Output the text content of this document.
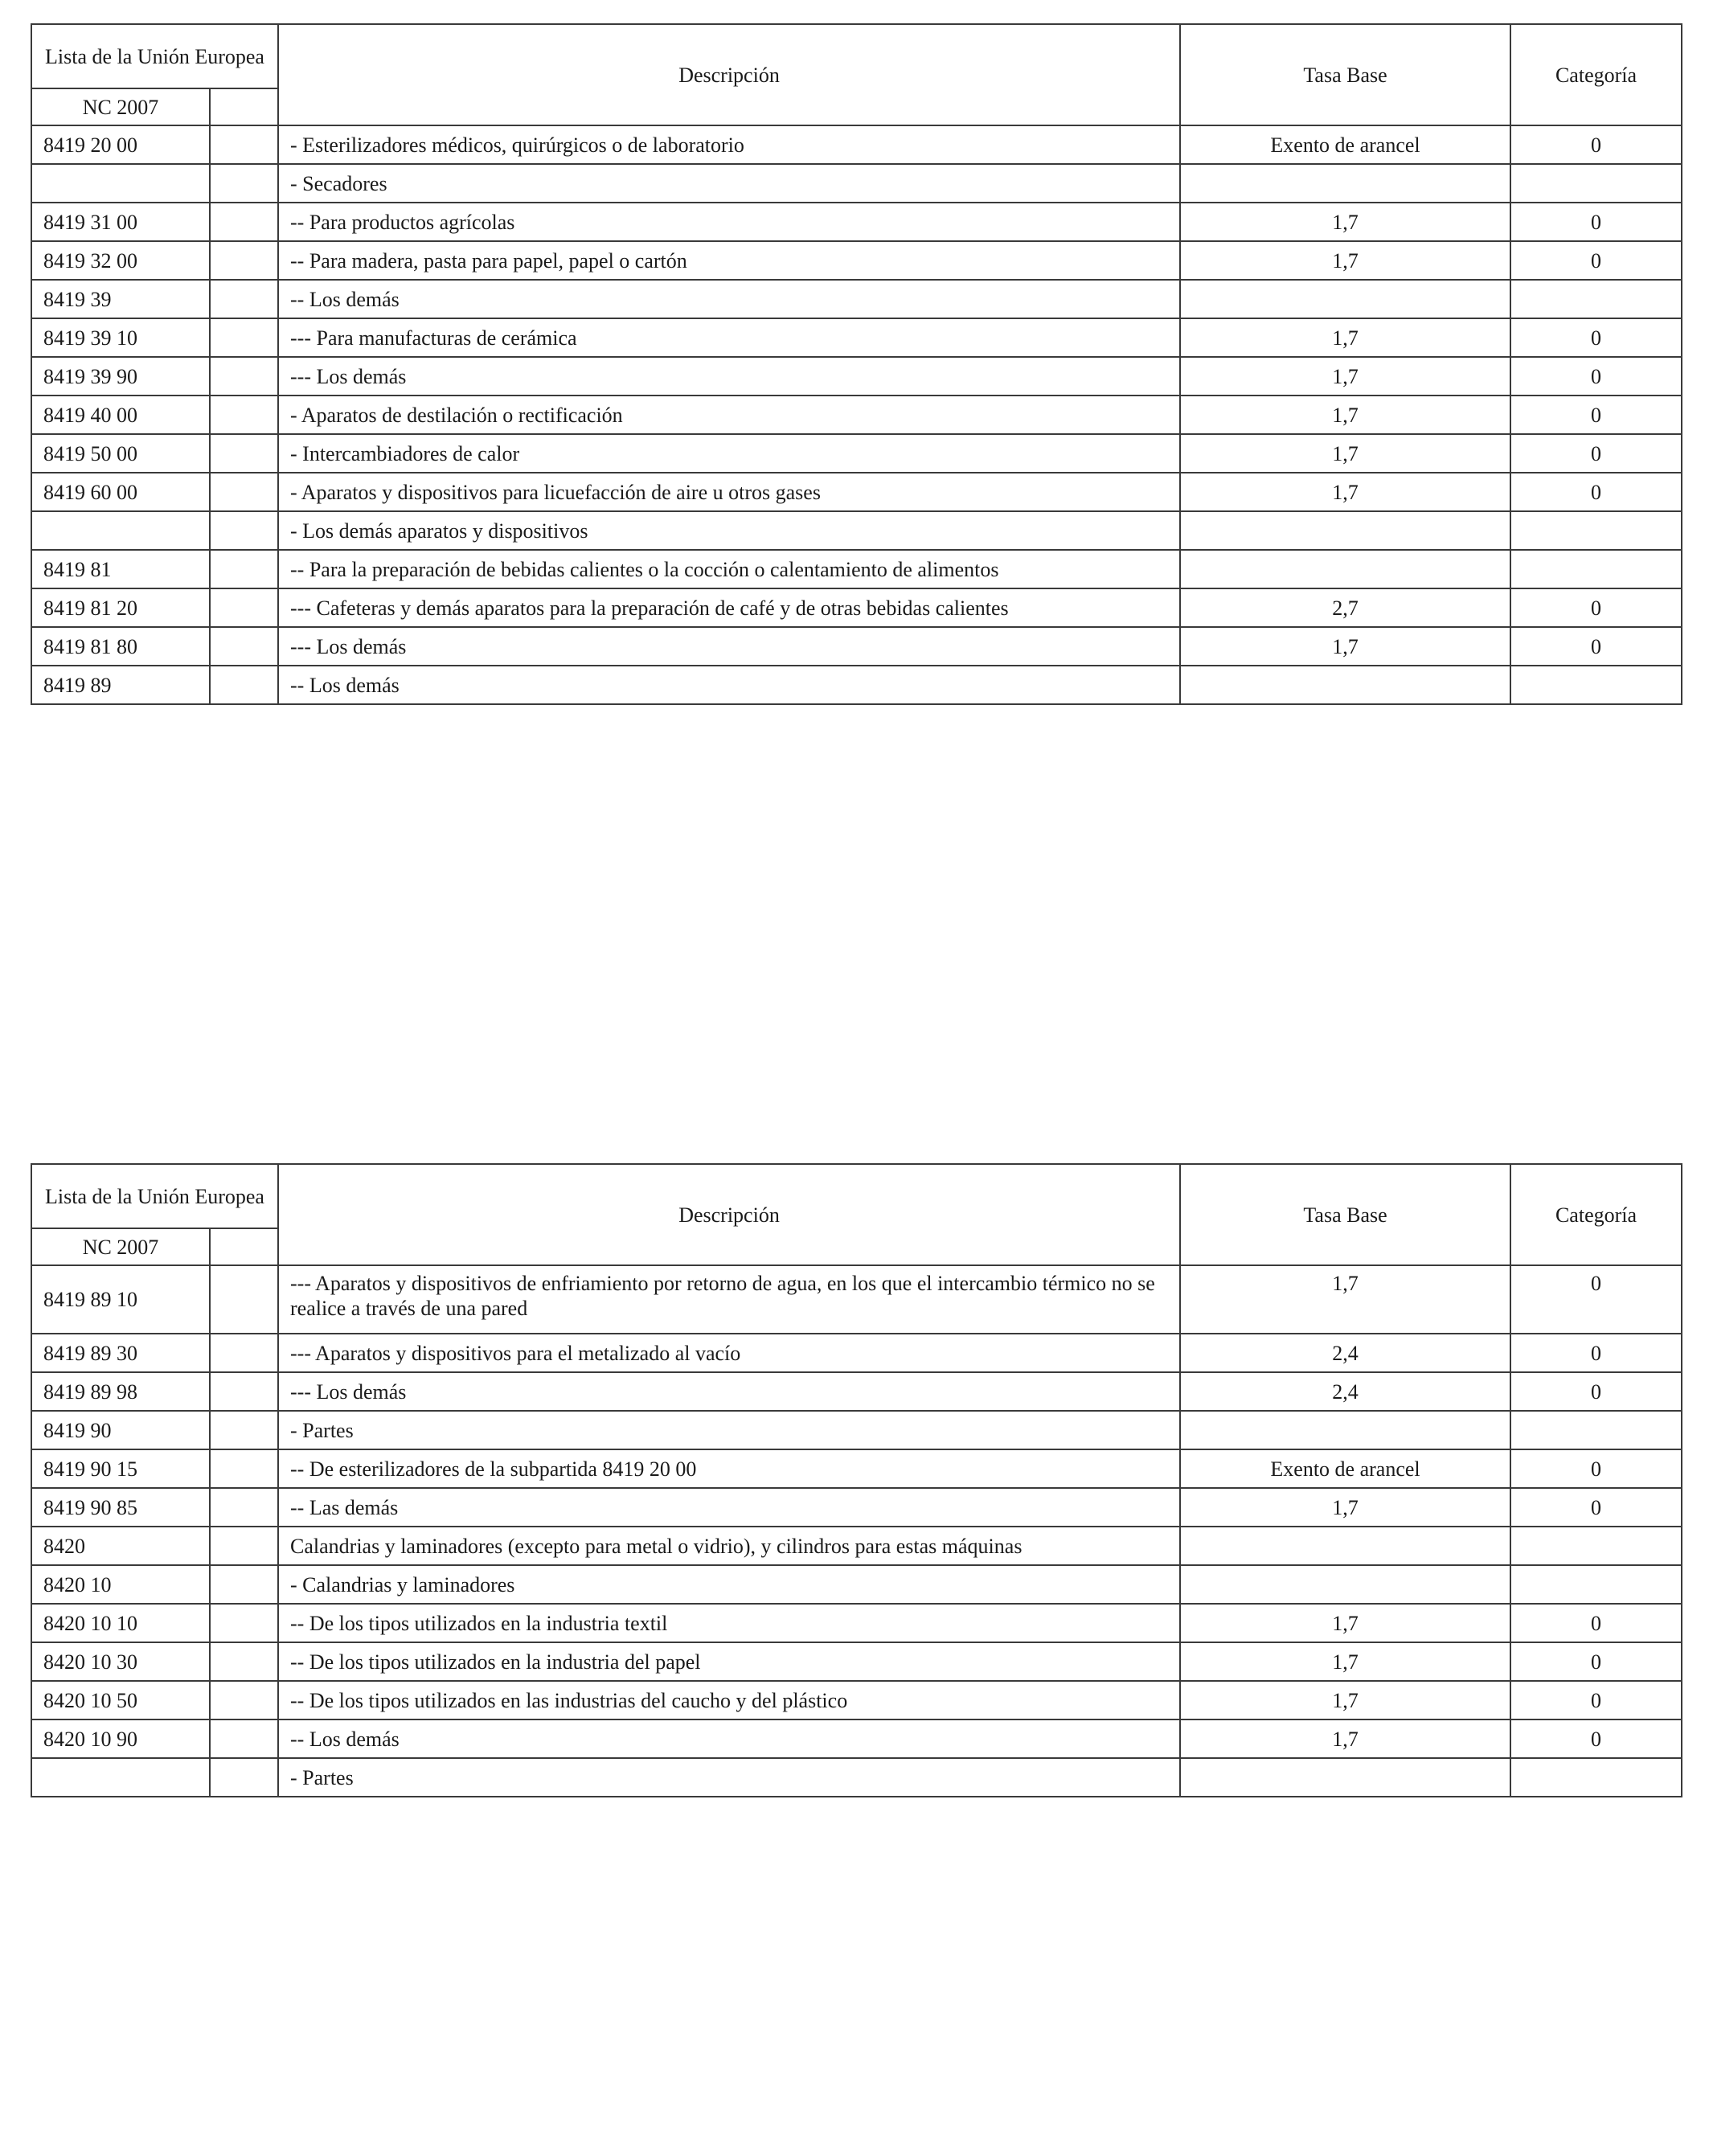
Lista de la Unión Europea		Descripción	Tasa Base	Categoría
NC 2007				
8419 20 00		- Esterilizadores médicos, quirúrgicos o de laboratorio	Exento de arancel	0
		- Secadores		
8419 31 00		-- Para productos agrícolas	1,7	0
8419 32 00		-- Para madera, pasta para papel, papel o cartón	1,7	0
8419 39		-- Los demás		
8419 39 10		--- Para manufacturas de cerámica	1,7	0
8419 39 90		--- Los demás	1,7	0
8419 40 00		- Aparatos de destilación o rectificación	1,7	0
8419 50 00		- Intercambiadores de calor	1,7	0
8419 60 00		- Aparatos y dispositivos para licuefacción de aire u otros gases	1,7	0
		- Los demás aparatos y dispositivos		
8419 81		-- Para la preparación de bebidas calientes o la cocción o calentamiento de alimentos		
8419 81 20		--- Cafeteras y demás aparatos para la preparación de café y de otras bebidas calientes	2,7	0
8419 81 80		--- Los demás	1,7	0
8419 89		-- Los demás		
Lista de la Unión Europea		Descripción	Tasa Base	Categoría
NC 2007				
8419 89 10		--- Aparatos y dispositivos de enfriamiento por retorno de agua, en los que el intercambio térmico no se realice a través de una pared	1,7	0
8419 89 30		--- Aparatos y dispositivos para el metalizado al vacío	2,4	0
8419 89 98		--- Los demás	2,4	0
8419 90		- Partes		
8419 90 15		-- De esterilizadores de la subpartida 8419 20 00	Exento de arancel	0
8419 90 85		-- Las demás	1,7	0
8420		Calandrias y laminadores (excepto para metal o vidrio), y cilindros para estas máquinas		
8420 10		- Calandrias y laminadores		
8420 10 10		-- De los tipos utilizados en la industria textil	1,7	0
8420 10 30		-- De los tipos utilizados en la industria del papel	1,7	0
8420 10 50		-- De los tipos utilizados en las industrias del caucho y del plástico	1,7	0
8420 10 90		-- Los demás	1,7	0
		- Partes		
